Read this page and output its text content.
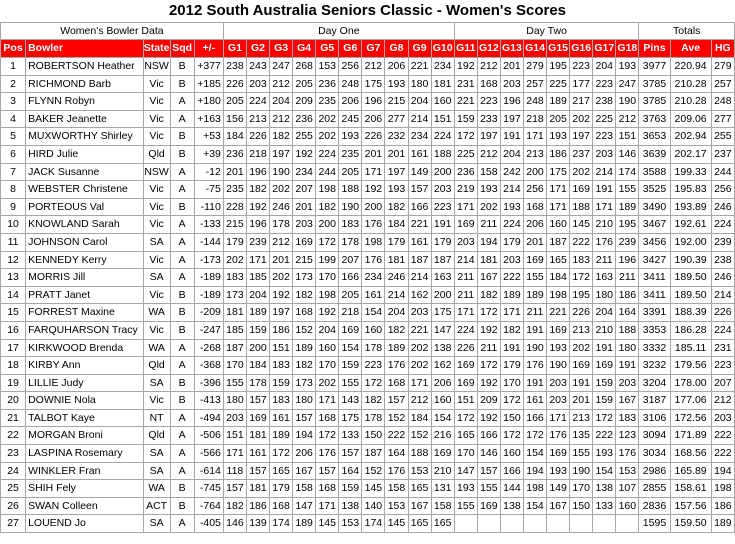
2012 South Australia Seniors Classic - Women's Scores
Women's Bowler Data					Day One										Day Two								Totals		
Pos	Bowler	State	Sqd	+/-	G1	G2	G3	G4	G5	G6	G7	G8	G9	G10	G11	G12	G13	G14	G15	G16	G17	G18	Pins	Ave	HG
1	ROBERTSON Heather	NSW	B	+377	238	243	247	268	153	256	212	206	221	234	192	212	201	279	195	223	204	193	3977	220.94	279
2	RICHMOND Barb	Vic	B	+185	226	203	212	205	236	248	175	193	180	181	231	168	203	257	225	177	223	247	3785	210.28	257
3	FLYNN Robyn	Vic	A	+180	205	224	204	209	235	206	196	215	204	160	221	223	196	248	189	217	238	190	3785	210.28	248
4	BAKER Jeanette	Vic	A	+163	156	213	212	236	202	245	206	277	214	151	159	233	197	218	205	202	225	212	3763	209.06	277
5	MUXWORTHY Shirley	Vic	B	+53	184	226	182	255	202	193	226	232	234	224	172	197	191	171	193	197	223	151	3653	202.94	255
6	HIRD Julie	Qld	B	+39	236	218	197	192	224	235	201	201	161	188	225	212	204	213	186	237	203	146	3639	202.17	237
7	JACK Susanne	NSW	A	-12	201	196	190	234	244	205	171	197	149	200	236	158	242	200	175	202	214	174	3588	199.33	244
8	WEBSTER Christene	Vic	A	-75	235	182	202	207	198	188	192	193	157	203	219	193	214	256	171	169	191	155	3525	195.83	256
9	PORTEOUS Val	Vic	B	-110	228	192	246	201	182	190	200	182	166	223	171	202	193	168	171	188	171	189	3490	193.89	246
10	KNOWLAND Sarah	Vic	A	-133	215	196	178	203	200	183	176	184	221	191	169	211	224	206	160	145	210	195	3467	192.61	224
11	JOHNSON Carol	SA	A	-144	179	239	212	169	172	178	198	179	161	179	203	194	179	201	187	222	176	239	3456	192.00	239
12	KENNEDY Kerry	Vic	A	-173	202	171	201	215	199	207	176	181	187	187	214	181	203	169	165	183	211	196	3427	190.39	238
13	MORRIS Jill	SA	A	-189	183	185	202	173	170	166	234	246	214	163	211	167	222	155	184	172	163	211	3411	189.50	246
14	PRATT Janet	Vic	B	-189	173	204	192	182	198	205	161	214	162	200	211	182	189	189	198	195	180	186	3411	189.50	214
15	FORREST Maxine	WA	B	-209	181	189	197	168	192	218	154	204	203	175	171	172	171	211	221	226	204	164	3391	188.39	226
16	FARQUHARSON Tracy	Vic	B	-247	185	159	186	152	204	169	160	182	221	147	224	192	182	191	169	213	210	188	3353	186.28	224
17	KIRKWOOD Brenda	WA	A	-268	187	200	151	189	160	154	178	189	202	138	226	211	191	190	193	202	191	180	3332	185.11	231
18	KIRBY Ann	Qld	A	-368	170	184	183	182	170	159	223	176	202	162	169	172	179	176	190	169	169	191	3232	179.56	223
19	LILLIE Judy	SA	B	-396	155	178	159	173	202	155	172	168	171	206	169	192	170	191	203	191	159	203	3204	178.00	207
20	DOWNIE Nola	Vic	B	-413	180	157	183	180	171	143	182	157	212	160	151	209	172	161	203	201	159	167	3187	177.06	212
21	TALBOT Kaye	NT	A	-494	203	169	161	157	168	175	178	152	184	154	172	192	150	166	171	213	172	183	3106	172.56	203
22	MORGAN Broni	Qld	A	-506	151	181	189	194	172	133	150	222	152	216	165	166	172	172	176	135	222	123	3094	171.89	222
23	LASPINA Rosemary	SA	A	-566	171	161	172	206	176	157	187	164	188	169	170	146	160	154	169	155	193	176	3034	168.56	222
24	WINKLER Fran	SA	A	-614	118	157	165	167	157	164	152	176	153	210	147	157	166	194	193	190	154	153	2986	165.89	194
25	SHIH Fely	WA	B	-745	157	181	179	158	168	159	145	158	165	131	193	155	144	198	149	170	138	107	2855	158.61	198
26	SWAN Colleen	ACT	B	-764	182	186	168	147	171	138	140	153	167	158	155	169	138	154	167	150	133	160	2836	157.56	186
27	LOUEND Jo	SA	A	-405	146	139	174	189	145	153	174	145	165	165									1595	159.50	189
